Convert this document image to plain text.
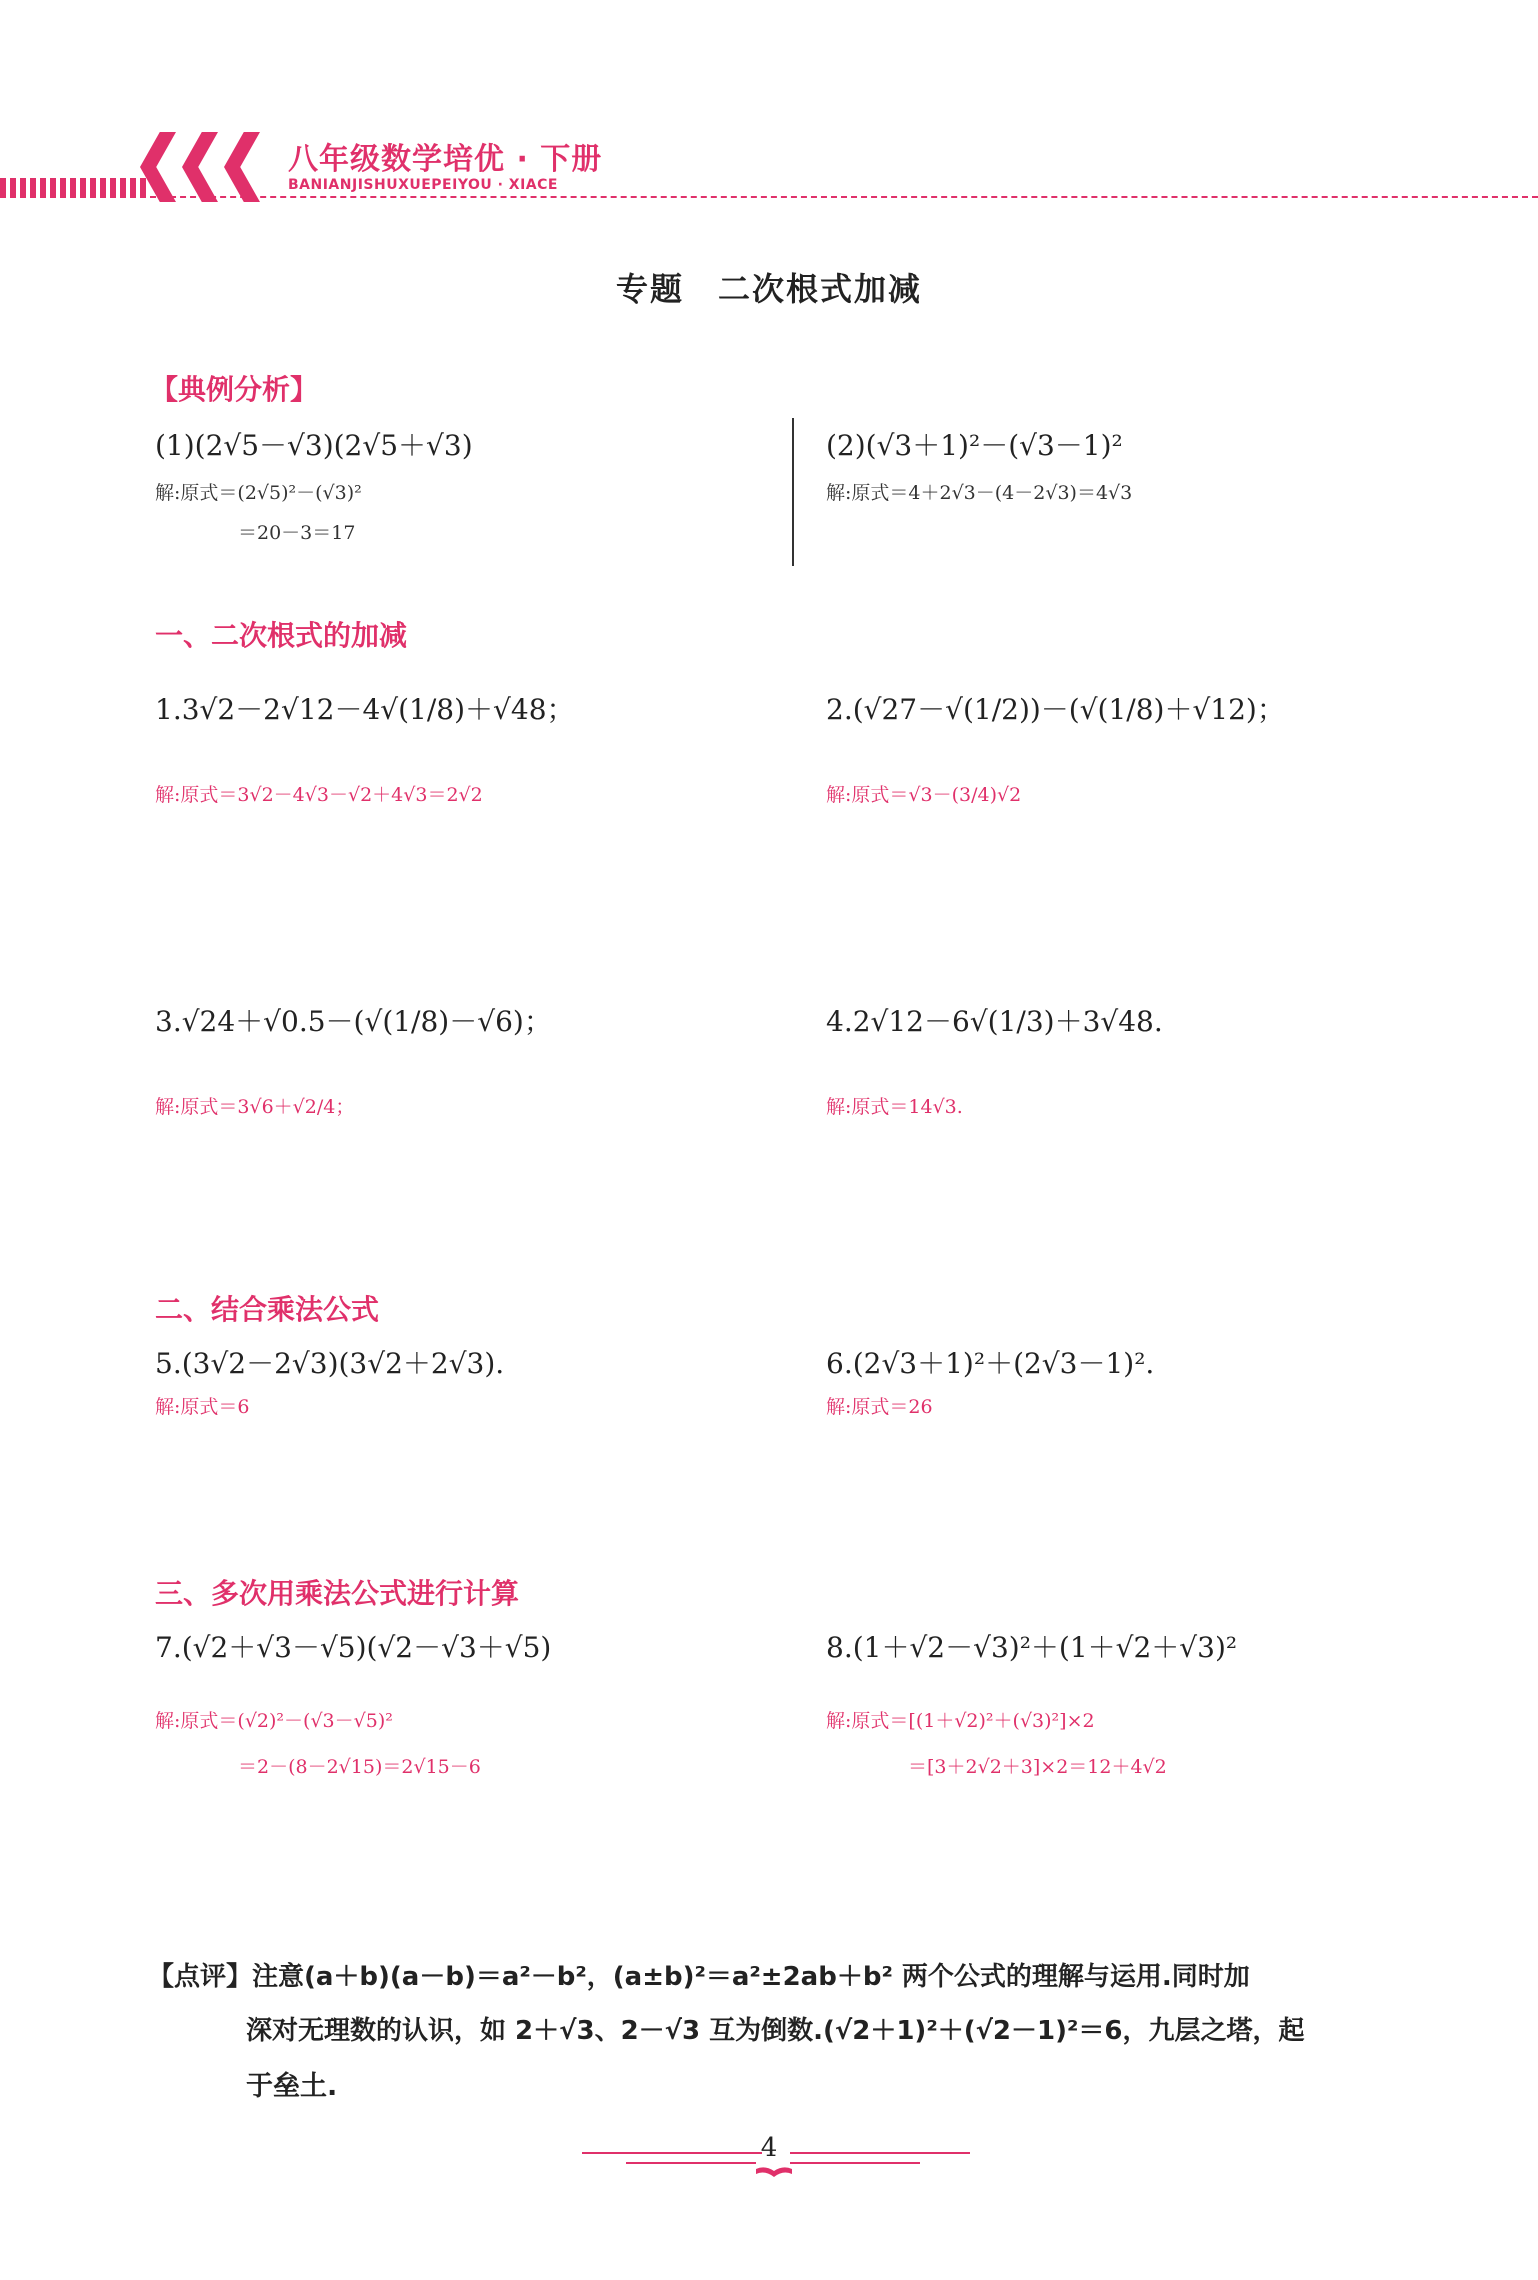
八年级数学培优 · 下册
BANIANJISHUXUEPEIYOU · XIACE
专题　二次根式加减
【典例分析】
(1)(2√5－√3)(2√5＋√3)
解:原式＝(2√5)²－(√3)²
＝20－3＝17
(2)(√3＋1)²－(√3－1)²
解:原式＝4＋2√3－(4－2√3)＝4√3
一、二次根式的加减
1.3√2－2√12－4√(1/8)＋√48；
解:原式＝3√2－4√3－√2＋4√3＝2√2
2.(√27－√(1/2))－(√(1/8)＋√12)；
解:原式＝√3－(3/4)√2
3.√24＋√0.5－(√(1/8)－√6)；
解:原式＝3√6＋√2/4；
4.2√12－6√(1/3)＋3√48.
解:原式＝14√3.
二、结合乘法公式
5.(3√2－2√3)(3√2＋2√3).
解:原式＝6
6.(2√3＋1)²＋(2√3－1)².
解:原式＝26
三、多次用乘法公式进行计算
7.(√2＋√3－√5)(√2－√3＋√5)
解:原式＝(√2)²－(√3－√5)²
＝2－(8－2√15)＝2√15－6
8.(1＋√2－√3)²＋(1＋√2＋√3)²
解:原式＝[(1＋√2)²＋(√3)²]×2
＝[3＋2√2＋3]×2＝12＋4√2
【点评】注意(a＋b)(a－b)＝a²－b²，(a±b)²＝a²±2ab＋b² 两个公式的理解与运用.同时加
深对无理数的认识，如 2＋√3、2－√3 互为倒数.(√2＋1)²＋(√2－1)²＝6，九层之塔，起
于垒土.
4
